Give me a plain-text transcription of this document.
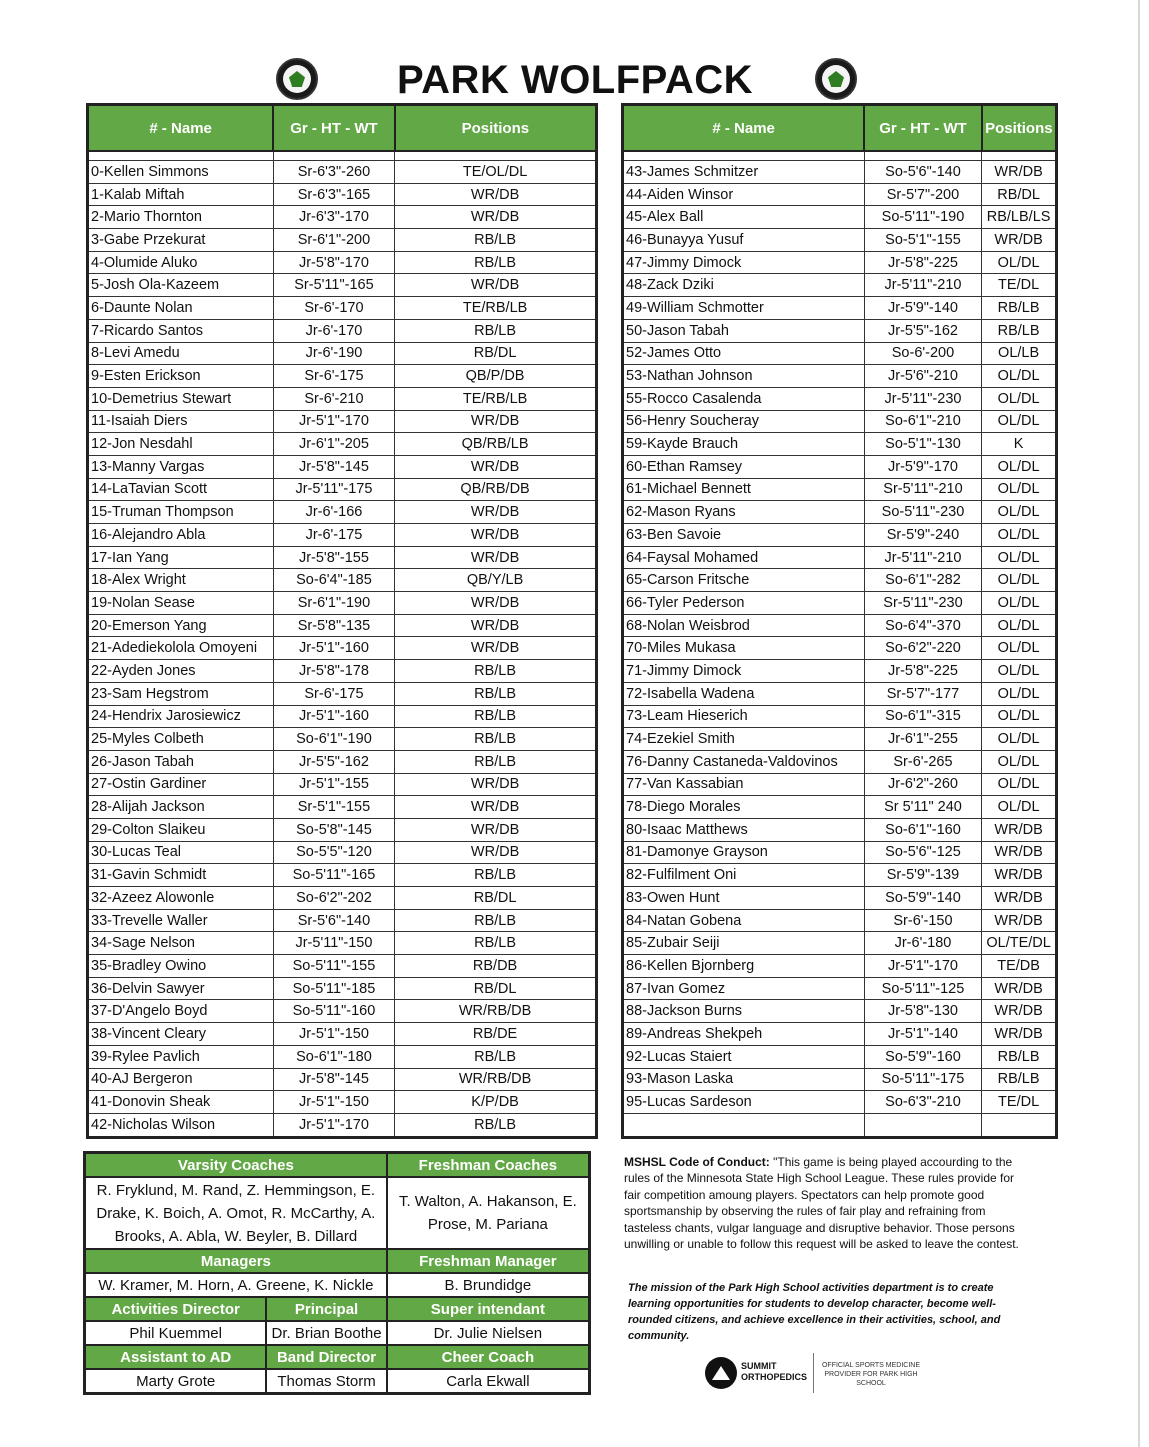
PARK WOLFPACK
# - Name	Gr - HT - WT	Positions

0-Kellen Simmons	Sr-6'3"-260	TE/OL/DL
1-Kalab Miftah	Sr-6'3"-165	WR/DB
2-Mario Thornton	Jr-6'3"-170	WR/DB
3-Gabe Przekurat	Sr-6'1"-200	RB/LB
4-Olumide Aluko	Jr-5'8"-170	RB/LB
5-Josh Ola-Kazeem	Sr-5'11"-165	WR/DB
6-Daunte Nolan	Sr-6'-170	TE/RB/LB
7-Ricardo Santos	Jr-6'-170	RB/LB
8-Levi Amedu	Jr-6'-190	RB/DL
9-Esten Erickson	Sr-6'-175	QB/P/DB
10-Demetrius Stewart	Sr-6'-210	TE/RB/LB
11-Isaiah Diers	Jr-5'1"-170	WR/DB
12-Jon Nesdahl	Jr-6'1"-205	QB/RB/LB
13-Manny Vargas	Jr-5'8"-145	WR/DB
14-LaTavian Scott	Jr-5'11"-175	QB/RB/DB
15-Truman Thompson	Jr-6'-166	WR/DB
16-Alejandro Abla	Jr-6'-175	WR/DB
17-Ian Yang	Jr-5'8"-155	WR/DB
18-Alex Wright	So-6'4"-185	QB/Y/LB
19-Nolan Sease	Sr-6'1"-190	WR/DB
20-Emerson Yang	Sr-5'8"-135	WR/DB
21-Adediekolola Omoyeni	Jr-5'1"-160	WR/DB
22-Ayden Jones	Jr-5'8"-178	RB/LB
23-Sam Hegstrom	Sr-6'-175	RB/LB
24-Hendrix Jarosiewicz	Jr-5'1"-160	RB/LB
25-Myles Colbeth	So-6'1"-190	RB/LB
26-Jason Tabah	Jr-5'5"-162	RB/LB
27-Ostin Gardiner	Jr-5'1"-155	WR/DB
28-Alijah Jackson	Sr-5'1"-155	WR/DB
29-Colton Slaikeu	So-5'8"-145	WR/DB
30-Lucas Teal	So-5'5"-120	WR/DB
31-Gavin Schmidt	So-5'11"-165	RB/LB
32-Azeez Alowonle	So-6'2"-202	RB/DL
33-Trevelle Waller	Sr-5'6"-140	RB/LB
34-Sage Nelson	Jr-5'11"-150	RB/LB
35-Bradley Owino	So-5'11"-155	RB/DB
36-Delvin Sawyer	So-5'11"-185	RB/DL
37-D'Angelo Boyd	So-5'11"-160	WR/RB/DB
38-Vincent Cleary	Jr-5'1"-150	RB/DE
39-Rylee Pavlich	So-6'1"-180	RB/LB
40-AJ Bergeron	Jr-5'8"-145	WR/RB/DB
41-Donovin Sheak	Jr-5'1"-150	K/P/DB
42-Nicholas Wilson	Jr-5'1"-170	RB/LB
# - Name	Gr - HT - WT	Positions

43-James Schmitzer	So-5'6"-140	WR/DB
44-Aiden Winsor	Sr-5'7"-200	RB/DL
45-Alex Ball	So-5'11"-190	RB/LB/LS
46-Bunayya Yusuf	So-5'1"-155	WR/DB
47-Jimmy Dimock	Jr-5'8"-225	OL/DL
48-Zack Dziki	Jr-5'11"-210	TE/DL
49-William Schmotter	Jr-5'9"-140	RB/LB
50-Jason Tabah	Jr-5'5"-162	RB/LB
52-James Otto	So-6'-200	OL/LB
53-Nathan Johnson	Jr-5'6"-210	OL/DL
55-Rocco Casalenda	Jr-5'11"-230	OL/DL
56-Henry Soucheray	So-6'1"-210	OL/DL
59-Kayde Brauch	So-5'1"-130	K
60-Ethan Ramsey	Jr-5'9"-170	OL/DL
61-Michael Bennett	Sr-5'11"-210	OL/DL
62-Mason Ryans	So-5'11"-230	OL/DL
63-Ben Savoie	Sr-5'9"-240	OL/DL
64-Faysal Mohamed	Jr-5'11"-210	OL/DL
65-Carson Fritsche	So-6'1"-282	OL/DL
66-Tyler Pederson	Sr-5'11"-230	OL/DL
68-Nolan Weisbrod	So-6'4"-370	OL/DL
70-Miles Mukasa	So-6'2"-220	OL/DL
71-Jimmy Dimock	Jr-5'8"-225	OL/DL
72-Isabella Wadena	Sr-5'7"-177	OL/DL
73-Leam Hieserich	So-6'1"-315	OL/DL
74-Ezekiel Smith	Jr-6'1"-255	OL/DL
76-Danny Castaneda-Valdovinos	Sr-6'-265	OL/DL
77-Van Kassabian	Jr-6'2"-260	OL/DL
78-Diego Morales	Sr 5'11" 240	OL/DL
80-Isaac Matthews	So-6'1"-160	WR/DB
81-Damonye Grayson	So-5'6"-125	WR/DB
82-Fulfilment Oni	Sr-5'9"-139	WR/DB
83-Owen Hunt	So-5'9"-140	WR/DB
84-Natan Gobena	Sr-6'-150	WR/DB
85-Zubair Seiji	Jr-6'-180	OL/TE/DL
86-Kellen Bjornberg	Jr-5'1"-170	TE/DB
87-Ivan Gomez	So-5'11"-125	WR/DB
88-Jackson Burns	Jr-5'8"-130	WR/DB
89-Andreas Shekpeh	Jr-5'1"-140	WR/DB
92-Lucas Staiert	So-5'9"-160	RB/LB
93-Mason Laska	So-5'11"-175	RB/LB
95-Lucas Sardeson	So-6'3"-210	TE/DL

Varsity Coaches		Freshman Coaches
R. Fryklund, M. Rand, Z. Hemmingson, E. Drake, K. Boich, A. Omot, R. McCarthy, A. Brooks, A. Abla, W. Beyler, B. Dillard		T. Walton, A. Hakanson, E. Prose, M. Pariana
Managers		Freshman Manager
W. Kramer, M. Horn, A. Greene, K. Nickle		B. Brundidge
Activities Director	Principal	Super intendant
Phil Kuemmel	Dr. Brian Boothe	Dr. Julie Nielsen
Assistant to AD	Band Director	Cheer Coach
Marty Grote	Thomas Storm	Carla Ekwall
MSHSL Code of Conduct: "This game is being played accourding to the rules of the Minnesota State High School League. These rules provide for fair competition amoung players. Spectators can help promote good sportsmanship by observing the rules of fair play and refraining from tasteless chants, vulgar language and disruptive behavior. Those persons unwilling or unable to follow this request will be asked to leave the contest.
The mission of the Park High School activities department is to create learning opportunities for students to develop character, become well-rounded citizens, and achieve excellence in their activities, school, and community.
SUMMIT
ORTHOPEDICS
OFFICIAL SPORTS MEDICINE PROVIDER FOR PARK HIGH SCHOOL
